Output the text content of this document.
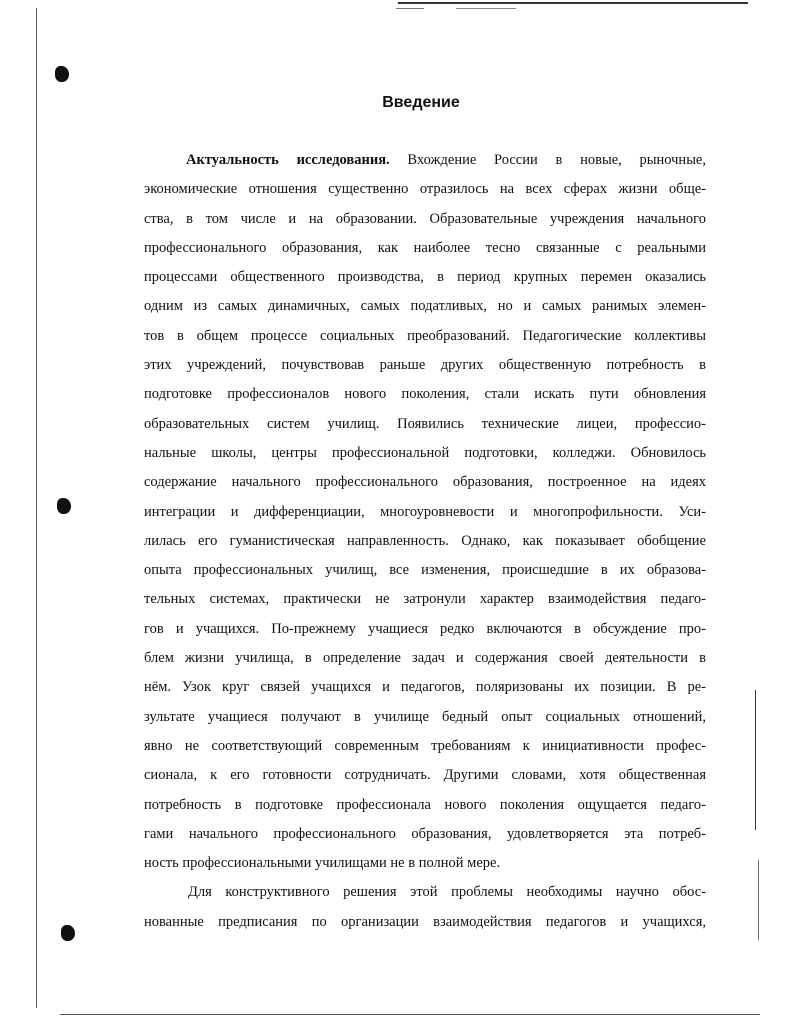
Введение
Актуальность исследования. Вхождение России в новые, рыночные,
экономические отношения существенно отразилось на всех сферах жизни обще-
ства, в том числе и на образовании. Образовательные учреждения начального
профессионального образования, как наиболее тесно связанные с реальными
процессами общественного производства, в период крупных перемен оказались
одним из самых динамичных, самых податливых, но и самых ранимых элемен-
тов в общем процессе социальных преобразований. Педагогические коллективы
этих учреждений, почувствовав раньше других общественную потребность в
подготовке профессионалов нового поколения, стали искать пути обновления
образовательных систем училищ. Появились технические лицеи, профессио-
нальные школы, центры профессиональной подготовки, колледжи. Обновилось
содержание начального профессионального образования, построенное на идеях
интеграции и дифференциации, многоуровневости и многопрофильности. Уси-
лилась его гуманистическая направленность. Однако, как показывает обобщение
опыта профессиональных училищ, все изменения, происшедшие в их образова-
тельных системах, практически не затронули характер взаимодействия педаго-
гов и учащихся. По-прежнему учащиеся редко включаются в обсуждение про-
блем жизни училища, в определение задач и содержания своей деятельности в
нём. Узок круг связей учащихся и педагогов, поляризованы их позиции. В ре-
зультате учащиеся получают в училище бедный опыт социальных отношений,
явно не соответствующий современным требованиям к инициативности профес-
сионала, к его готовности сотрудничать. Другими словами, хотя общественная
потребность в подготовке профессионала нового поколения ощущается педаго-
гами начального профессионального образования, удовлетворяется эта потреб-
ность профессиональными училищами не в полной мере.
Для конструктивного решения этой проблемы необходимы научно обос-
нованные предписания по организации взаимодействия педагогов и учащихся,
